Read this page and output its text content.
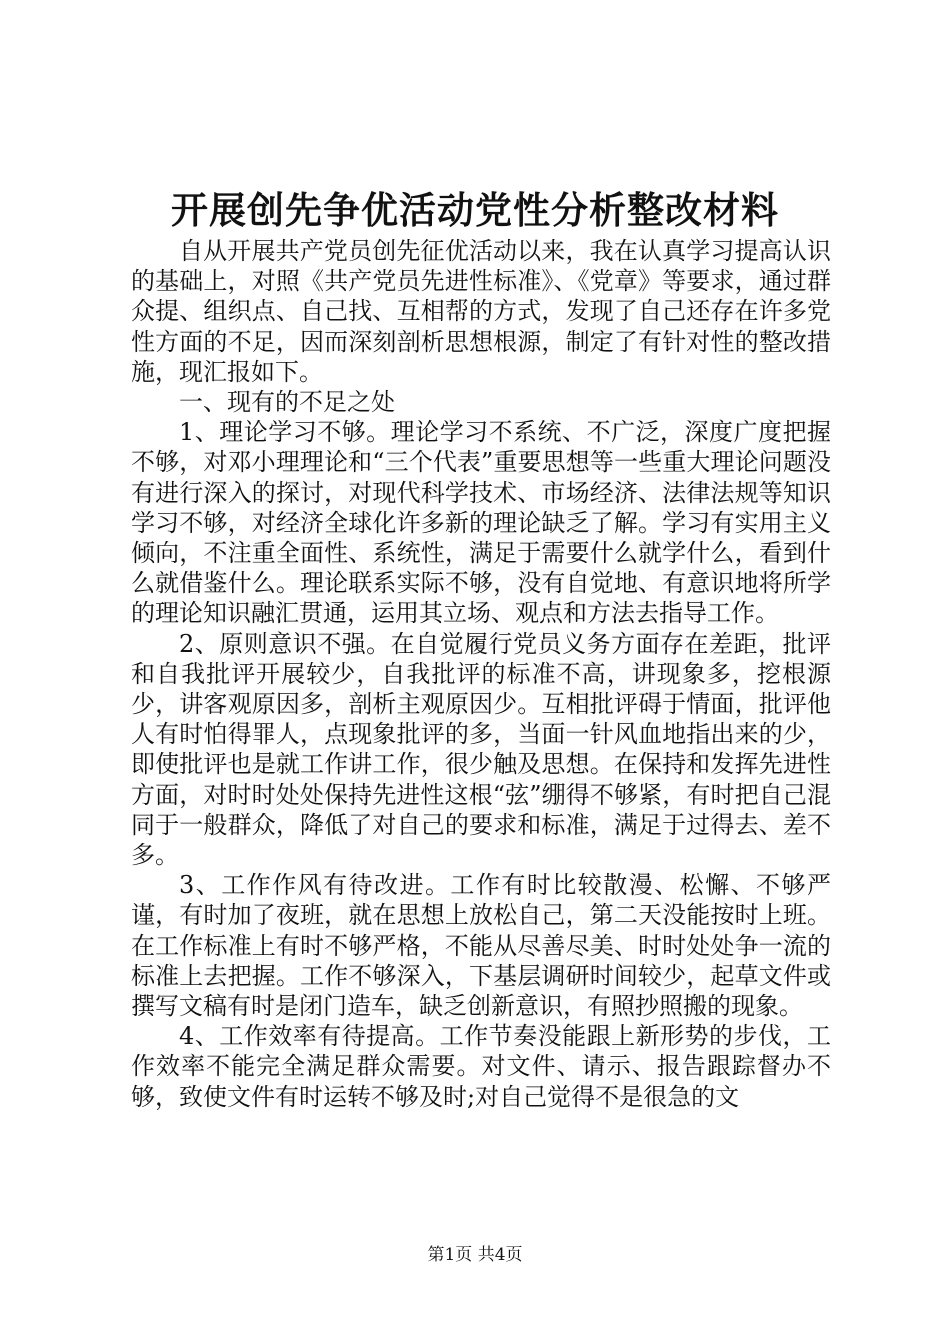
开展创先争优活动党性分析整改材料

自从开展共产党员创先征优活动以来，我在认真学习提高认识的基础上，对照《共产党员先进性标准》、《党章》等要求，通过群众提、组织点、自己找、互相帮的方式，发现了自己还存在许多党性方面的不足，因而深刻剖析思想根源，制定了有针对性的整改措施，现汇报如下。

一、现有的不足之处

1、理论学习不够。理论学习不系统、不广泛，深度广度把握不够，对邓小理理论和“三个代表”重要思想等一些重大理论问题没有进行深入的探讨，对现代科学技术、市场经济、法律法规等知识学习不够，对经济全球化许多新的理论缺乏了解。学习有实用主义倾向，不注重全面性、系统性，满足于需要什么就学什么，看到什么就借鉴什么。理论联系实际不够，没有自觉地、有意识地将所学的理论知识融汇贯通，运用其立场、观点和方法去指导工作。

2、原则意识不强。在自觉履行党员义务方面存在差距，批评和自我批评开展较少，自我批评的标准不高，讲现象多，挖根源少，讲客观原因多，剖析主观原因少。互相批评碍于情面，批评他人有时怕得罪人，点现象批评的多，当面一针风血地指出来的少，即使批评也是就工作讲工作，很少触及思想。在保持和发挥先进性方面，对时时处处保持先进性这根“弦”绷得不够紧，有时把自己混同于一般群众，降低了对自己的要求和标准，满足于过得去、差不多。

3、工作作风有待改进。工作有时比较散漫、松懈、不够严谨，有时加了夜班，就在思想上放松自己，第二天没能按时上班。在工作标准上有时不够严格，不能从尽善尽美、时时处处争一流的标准上去把握。工作不够深入，下基层调研时间较少，起草文件或撰写文稿有时是闭门造车，缺乏创新意识，有照抄照搬的现象。

4、工作效率有待提高。工作节奏没能跟上新形势的步伐，工作效率不能完全满足群众需要。对文件、请示、报告跟踪督办不够，致使文件有时运转不够及时;对自己觉得不是很急的文

第1页 共4页
